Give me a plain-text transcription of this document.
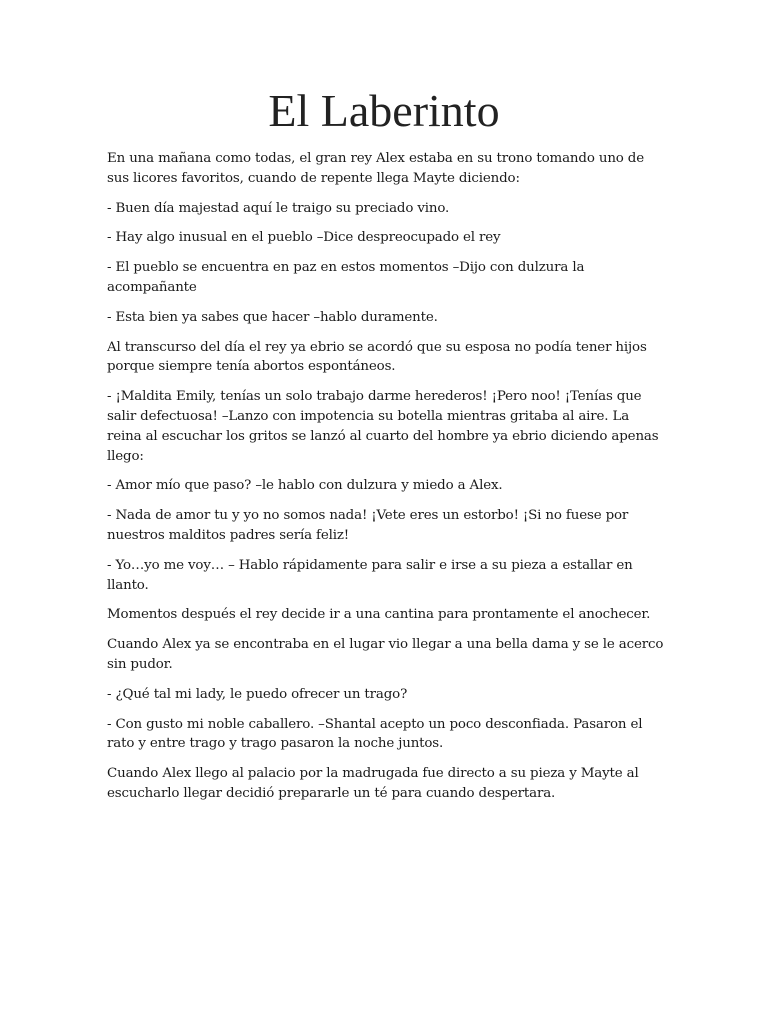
El Laberinto

En una mañana como todas, el gran rey Alex estaba en su trono tomando uno de sus licores favoritos, cuando de repente llega Mayte diciendo:

- Buen día majestad aquí le traigo su preciado vino.

- Hay algo inusual en el pueblo –Dice despreocupado el rey

- El pueblo se encuentra en paz en estos momentos –Dijo con dulzura la acompañante

- Esta bien ya sabes que hacer –hablo duramente.

Al transcurso del día el rey ya ebrio se acordó que su esposa no podía tener hijos porque siempre tenía abortos espontáneos.

- ¡Maldita Emily, tenías un solo trabajo darme herederos! ¡Pero noo! ¡Tenías que salir defectuosa! –Lanzo con impotencia su botella mientras gritaba al aire. La reina al escuchar los gritos se lanzó al cuarto del hombre ya ebrio diciendo apenas llego:

- Amor mío que paso? –le hablo con dulzura y miedo a Alex.

- Nada de amor tu y yo no somos nada! ¡Vete eres un estorbo! ¡Si no fuese por nuestros malditos padres sería feliz!

- Yo…yo me voy… – Hablo rápidamente para salir e irse a su pieza a estallar en llanto.

Momentos después el rey decide ir a una cantina para prontamente el anochecer.

Cuando Alex ya se encontraba en el lugar vio llegar a una bella dama y se le acerco sin pudor.

- ¿Qué tal mi lady, le puedo ofrecer un trago?

- Con gusto mi noble caballero. –Shantal acepto un poco desconfiada. Pasaron el rato y entre trago y trago pasaron la noche juntos.

Cuando Alex llego al palacio por la madrugada fue directo a su pieza y Mayte al escucharlo llegar decidió prepararle un té para cuando despertara.
